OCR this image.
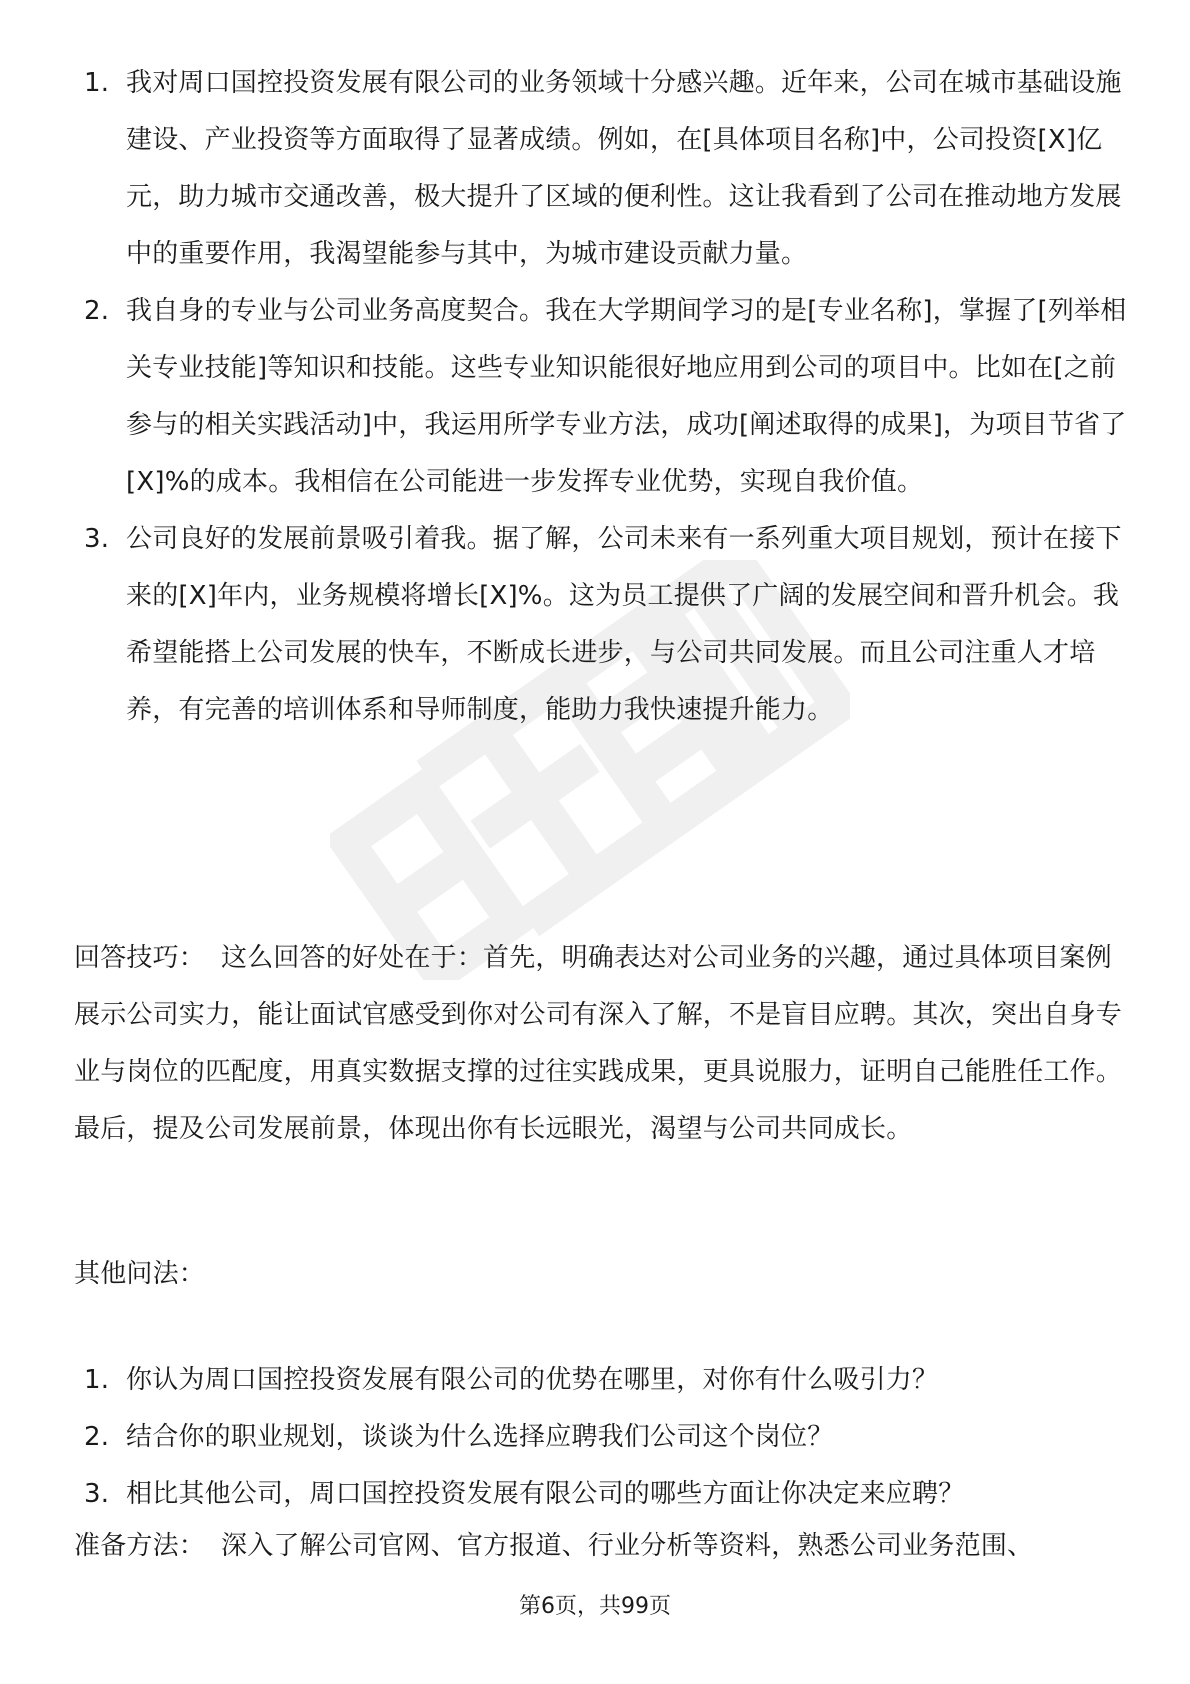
1. 我对周口国控投资发展有限公司的业务领域十分感兴趣。近年来，公司在城市基础设施建设、产业投资等方面取得了显著成绩。例如，在[具体项目名称]中，公司投资[X]亿元，助力城市交通改善，极大提升了区域的便利性。这让我看到了公司在推动地方发展中的重要作用，我渴望能参与其中，为城市建设贡献力量。
2. 我自身的专业与公司业务高度契合。我在大学期间学习的是[专业名称]，掌握了[列举相关专业技能]等知识和技能。这些专业知识能很好地应用到公司的项目中。比如在[之前参与的相关实践活动]中，我运用所学专业方法，成功[阐述取得的成果]，为项目节省了[X]%的成本。我相信在公司能进一步发挥专业优势，实现自我价值。
3. 公司良好的发展前景吸引着我。据了解，公司未来有一系列重大项目规划，预计在接下来的[X]年内，业务规模将增长[X]%。这为员工提供了广阔的发展空间和晋升机会。我希望能搭上公司发展的快车，不断成长进步，与公司共同发展。而且公司注重人才培养，有完善的培训体系和导师制度，能助力我快速提升能力。

回答技巧： 这么回答的好处在于：首先，明确表达对公司业务的兴趣，通过具体项目案例展示公司实力，能让面试官感受到你对公司有深入了解，不是盲目应聘。其次，突出自身专业与岗位的匹配度，用真实数据支撑的过往实践成果，更具说服力，证明自己能胜任工作。最后，提及公司发展前景，体现出你有长远眼光，渴望与公司共同成长。

其他问法：

1. 你认为周口国控投资发展有限公司的优势在哪里，对你有什么吸引力？
2. 结合你的职业规划，谈谈为什么选择应聘我们公司这个岗位？
3. 相比其他公司，周口国控投资发展有限公司的哪些方面让你决定来应聘？

准备方法： 深入了解公司官网、官方报道、行业分析等资料，熟悉公司业务范围、

第6页，共99页
